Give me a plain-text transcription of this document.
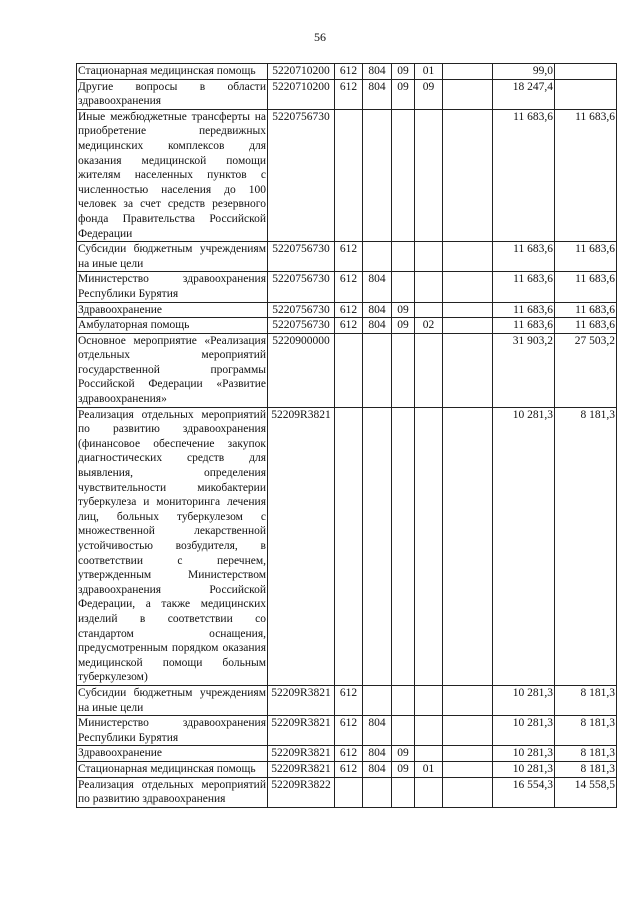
56
Стационарная медицинская помощь	5220710200	612	804	09	01		99,0	
Другие вопросы в области здравоохранения	5220710200	612	804	09	09		18 247,4	
Иные межбюджетные трансферты на приобретение передвижных медицинских комплексов для оказания медицинской помощи жителям населенных пунктов с численностью населения до 100 человек за счет средств резервного фонда Правительства Российской Федерации	5220756730						11 683,6	11 683,6
Субсидии бюджетным учреждениям на иные цели	5220756730	612					11 683,6	11 683,6
Министерство здравоохранения Республики Бурятия	5220756730	612	804				11 683,6	11 683,6
Здравоохранение	5220756730	612	804	09			11 683,6	11 683,6
Амбулаторная помощь	5220756730	612	804	09	02		11 683,6	11 683,6
Основное мероприятие «Реализация отдельных мероприятий государственной программы Российской Федерации «Развитие здравоохранения»	5220900000						31 903,2	27 503,2
Реализация отдельных мероприятий по развитию здравоохранения (финансовое обеспечение закупок диагностических средств для выявления, определения чувствительности микобактерии туберкулеза и мониторинга лечения лиц, больных туберкулезом с множественной лекарственной устойчивостью возбудителя, в соответствии с перечнем, утвержденным Министерством здравоохранения Российской Федерации, а также медицинских изделий в соответствии со стандартом оснащения, предусмотренным порядком оказания медицинской помощи больным туберкулезом)	52209R3821						10 281,3	8 181,3
Субсидии бюджетным учреждениям на иные цели	52209R3821	612					10 281,3	8 181,3
Министерство здравоохранения Республики Бурятия	52209R3821	612	804				10 281,3	8 181,3
Здравоохранение	52209R3821	612	804	09			10 281,3	8 181,3
Стационарная медицинская помощь	52209R3821	612	804	09	01		10 281,3	8 181,3
Реализация отдельных мероприятий по развитию здравоохранения	52209R3822						16 554,3	14 558,5
